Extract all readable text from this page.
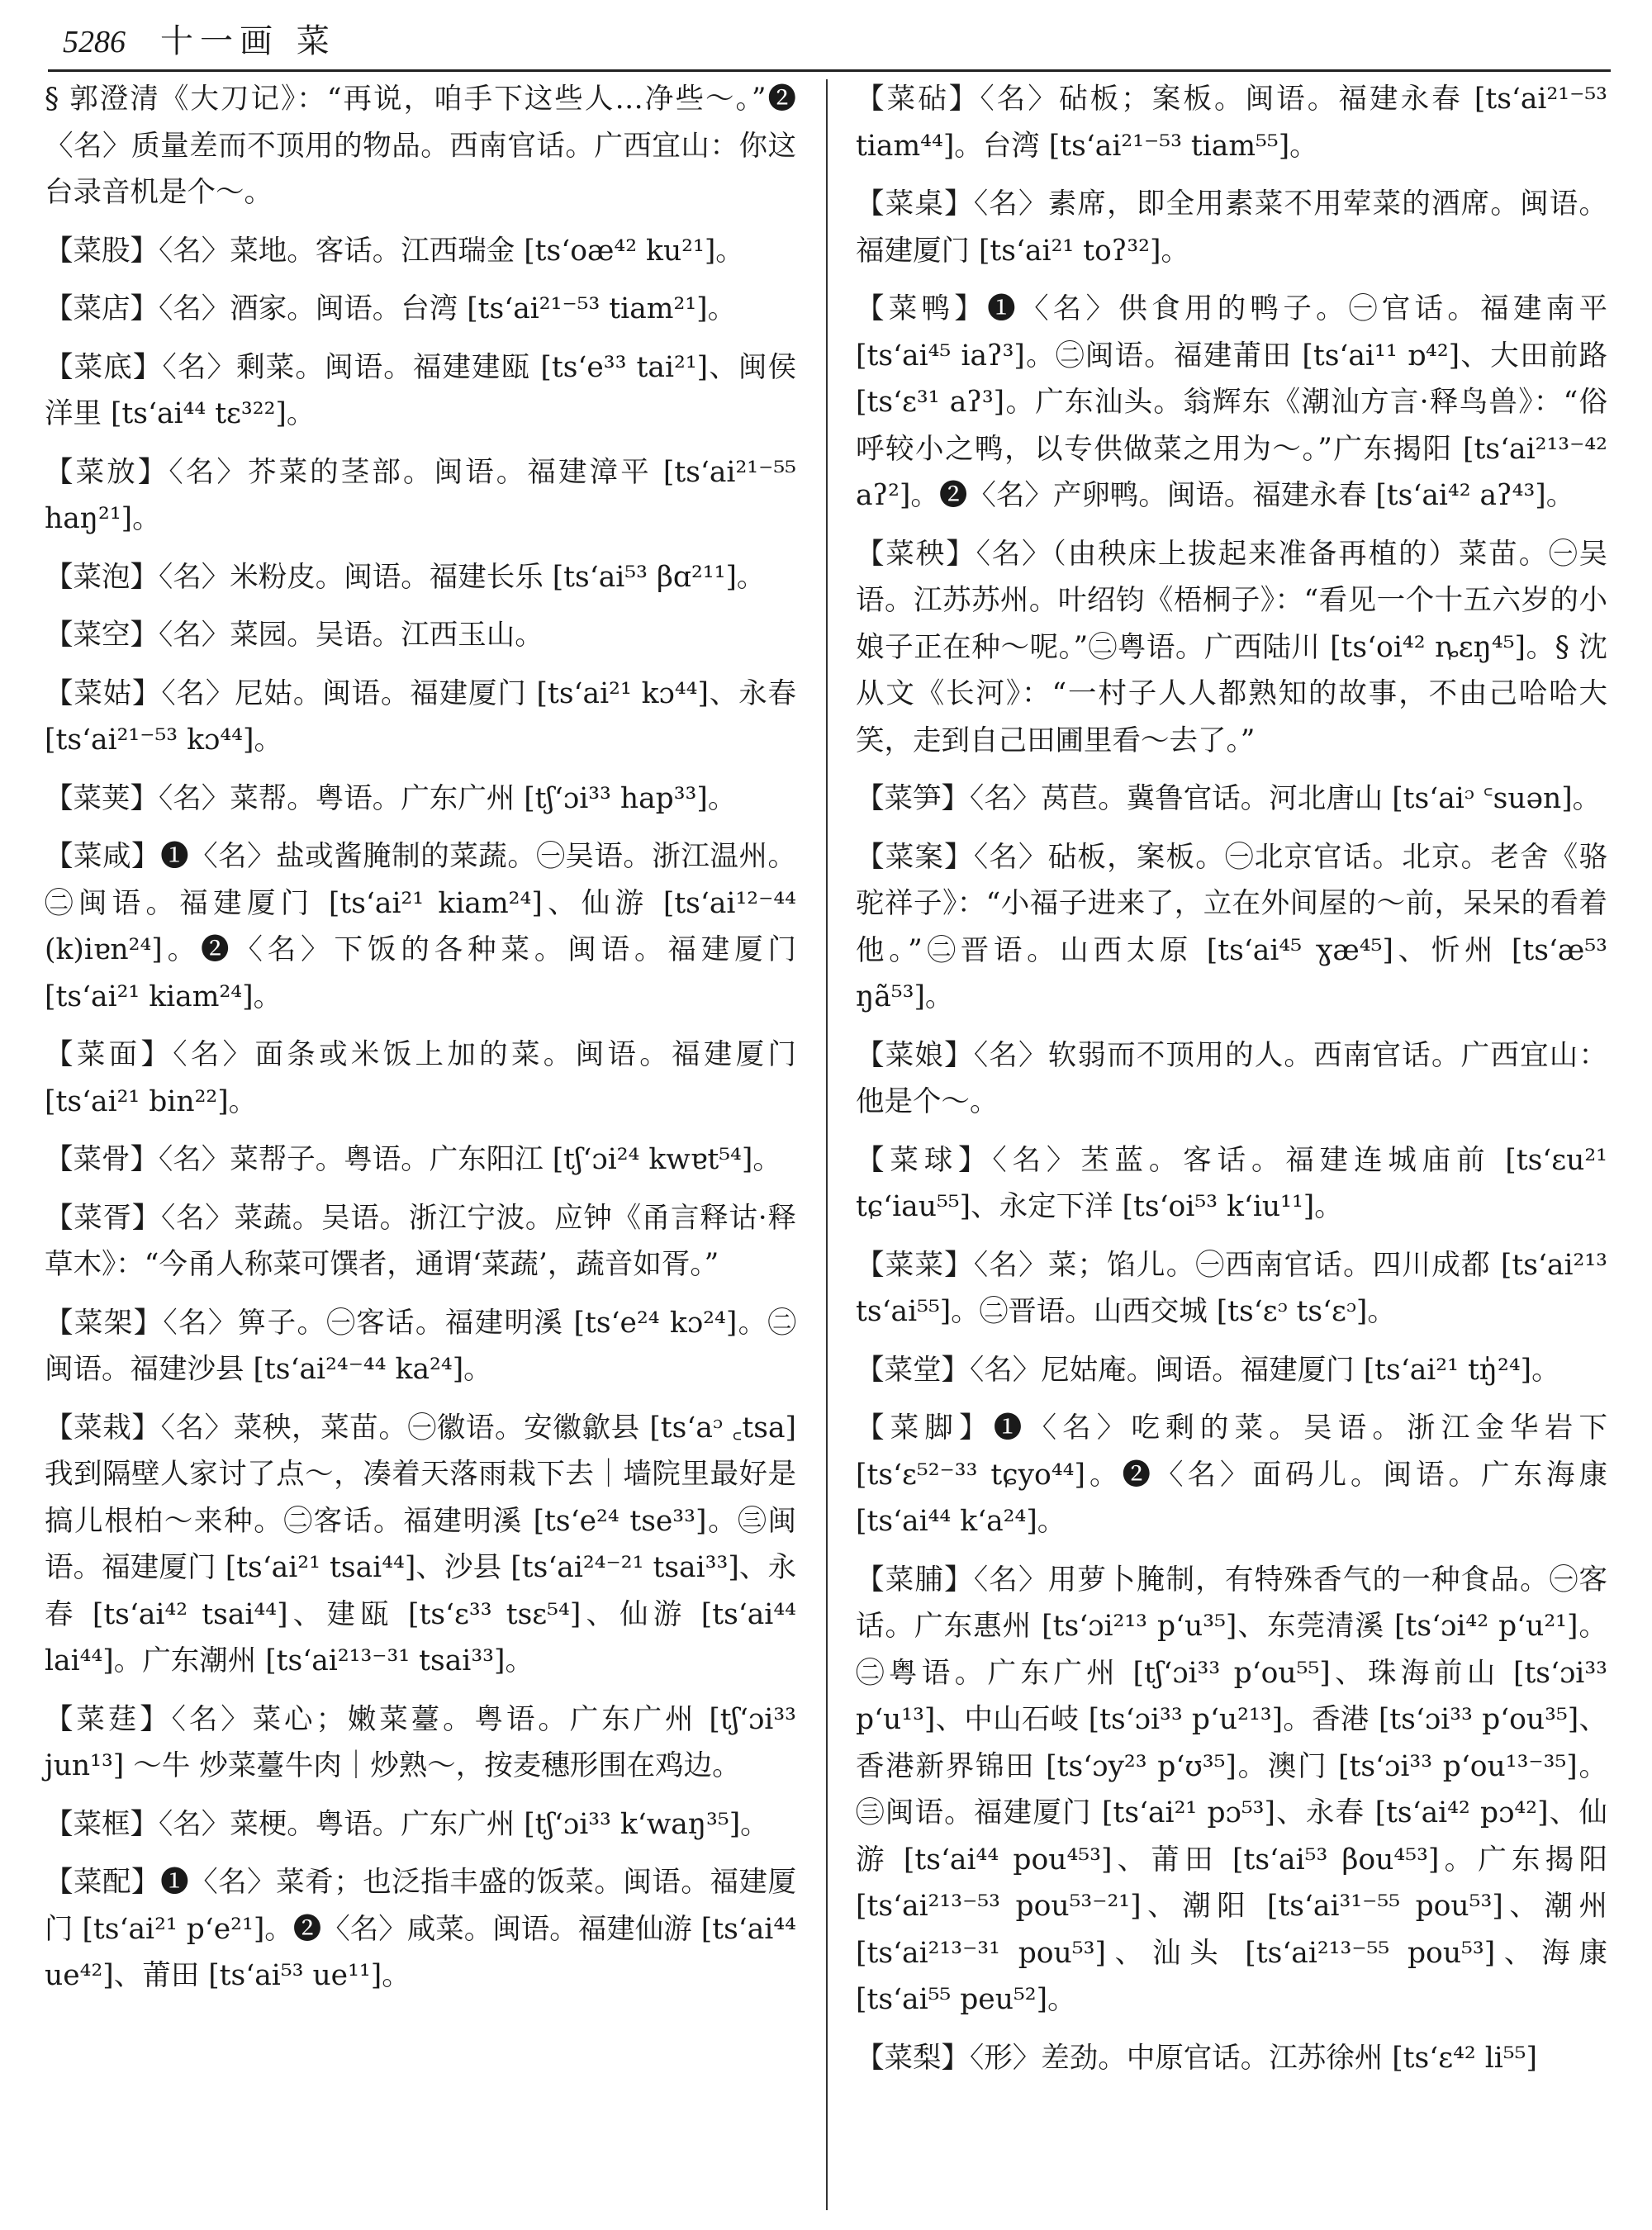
5286 十一画 菜

§ 郭澄清《大刀记》：“再说，咱手下这些人…净些～。”❷〈名〉质量差而不顶用的物品。西南官话。广西宜山：你这台录音机是个～。

【菜股】〈名〉菜地。客话。江西瑞金 [tsʻoæ⁴² ku²¹]。

【菜店】〈名〉酒家。闽语。台湾 [tsʻai²¹⁻⁵³ tiam²¹]。

【菜底】〈名〉剩菜。闽语。福建建瓯 [tsʻe³³ tai²¹]、闽侯洋里 [tsʻai⁴⁴ tɛ³²²]。

【菜放】〈名〉芥菜的茎部。闽语。福建漳平 [tsʻai²¹⁻⁵⁵ haŋ²¹]。

【菜泡】〈名〉米粉皮。闽语。福建长乐 [tsʻai⁵³ βɑ²¹¹]。

【菜空】〈名〉菜园。吴语。江西玉山。

【菜姑】〈名〉尼姑。闽语。福建厦门 [tsʻai²¹ kɔ⁴⁴]、永春 [tsʻai²¹⁻⁵³ kɔ⁴⁴]。

【菜荚】〈名〉菜帮。粤语。广东广州 [tʃʻɔi³³ hap³³]。

【菜咸】❶〈名〉盐或酱腌制的菜蔬。㊀吴语。浙江温州。㊁闽语。福建厦门 [tsʻai²¹ kiam²⁴]、仙游 [tsʻai¹²⁻⁴⁴ (k)iɐn²⁴]。❷〈名〉下饭的各种菜。闽语。福建厦门 [tsʻai²¹ kiam²⁴]。

【菜面】〈名〉面条或米饭上加的菜。闽语。福建厦门 [tsʻai²¹ bin²²]。

【菜骨】〈名〉菜帮子。粤语。广东阳江 [tʃʻɔi²⁴ kwɐt⁵⁴]。

【菜胥】〈名〉菜蔬。吴语。浙江宁波。应钟《甬言释诂·释草木》：“今甬人称菜可馔者，通谓‘菜蔬’，蔬音如胥。”

【菜架】〈名〉箅子。㊀客话。福建明溪 [tsʻe²⁴ kɔ²⁴]。㊁闽语。福建沙县 [tsʻai²⁴⁻⁴⁴ ka²⁴]。

【菜栽】〈名〉菜秧，菜苗。㊀徽语。安徽歙县 [tsʻaᵓ ꜀tsa] 我到隔壁人家讨了点～，凑着天落雨栽下去｜墙院里最好是搞儿根柏～来种。㊁客话。福建明溪 [tsʻe²⁴ tse³³]。㊂闽语。福建厦门 [tsʻai²¹ tsai⁴⁴]、沙县 [tsʻai²⁴⁻²¹ tsai³³]、永春 [tsʻai⁴² tsai⁴⁴]、建瓯 [tsʻɛ³³ tsɛ⁵⁴]、仙游 [tsʻai⁴⁴ lai⁴⁴]。广东潮州 [tsʻai²¹³⁻³¹ tsai³³]。

【菜莛】〈名〉菜心；嫩菜薹。粤语。广东广州 [tʃʻɔi³³ jun¹³] ～牛 炒菜薹牛肉｜炒熟～，按麦穗形围在鸡边。

【菜框】〈名〉菜梗。粤语。广东广州 [tʃʻɔi³³ kʻwaŋ³⁵]。

【菜配】❶〈名〉菜肴；也泛指丰盛的饭菜。闽语。福建厦门 [tsʻai²¹ pʻe²¹]。❷〈名〉咸菜。闽语。福建仙游 [tsʻai⁴⁴ ue⁴²]、莆田 [tsʻai⁵³ ue¹¹]。

【菜砧】〈名〉砧板；案板。闽语。福建永春 [tsʻai²¹⁻⁵³ tiam⁴⁴]。台湾 [tsʻai²¹⁻⁵³ tiam⁵⁵]。

【菜桌】〈名〉素席，即全用素菜不用荤菜的酒席。闽语。福建厦门 [tsʻai²¹ toʔ³²]。

【菜鸭】❶〈名〉供食用的鸭子。㊀官话。福建南平 [tsʻai⁴⁵ iaʔ³]。㊁闽语。福建莆田 [tsʻai¹¹ ɒ⁴²]、大田前路 [tsʻɛ³¹ aʔ³]。广东汕头。翁辉东《潮汕方言·释鸟兽》：“俗呼较小之鸭，以专供做菜之用为～。”广东揭阳 [tsʻai²¹³⁻⁴² aʔ²]。❷〈名〉产卵鸭。闽语。福建永春 [tsʻai⁴² aʔ⁴³]。

【菜秧】〈名〉（由秧床上拔起来准备再植的）菜苗。㊀吴语。江苏苏州。叶绍钧《梧桐子》：“看见一个十五六岁的小娘子正在种～呢。”㊁粤语。广西陆川 [tsʻoi⁴² ȵɛŋ⁴⁵]。§ 沈从文《长河》：“一村子人人都熟知的故事，不由己哈哈大笑，走到自己田圃里看～去了。”

【菜笋】〈名〉莴苣。冀鲁官话。河北唐山 [tsʻaiᵓ ꜂suən]。

【菜案】〈名〉砧板，案板。㊀北京官话。北京。老舍《骆驼祥子》：“小福子进来了，立在外间屋的～前，呆呆的看着他。”㊁晋语。山西太原 [tsʻai⁴⁵ ɣæ⁴⁵]、忻州 [tsʻæ⁵³ ŋã⁵³]。

【菜娘】〈名〉软弱而不顶用的人。西南官话。广西宜山：他是个～。

【菜球】〈名〉苤蓝。客话。福建连城庙前 [tsʻɛu²¹ tɕʻiau⁵⁵]、永定下洋 [tsʻoi⁵³ kʻiu¹¹]。

【菜菜】〈名〉菜；馅儿。㊀西南官话。四川成都 [tsʻai²¹³ tsʻai⁵⁵]。㊁晋语。山西交城 [tsʻɛᵓ tsʻɛᵓ]。

【菜堂】〈名〉尼姑庵。闽语。福建厦门 [tsʻai²¹ tŋ̍²⁴]。

【菜脚】❶〈名〉吃剩的菜。吴语。浙江金华岩下 [tsʻɛ⁵²⁻³³ tɕyo⁴⁴]。❷〈名〉面码儿。闽语。广东海康 [tsʻai⁴⁴ kʻa²⁴]。

【菜脯】〈名〉用萝卜腌制，有特殊香气的一种食品。㊀客话。广东惠州 [tsʻɔi²¹³ pʻu³⁵]、东莞清溪 [tsʻɔi⁴² pʻu²¹]。㊁粤语。广东广州 [tʃʻɔi³³ pʻou⁵⁵]、珠海前山 [tsʻɔi³³ pʻu¹³]、中山石岐 [tsʻɔi³³ pʻu²¹³]。香港 [tsʻɔi³³ pʻou³⁵]、香港新界锦田 [tsʻɔy²³ pʻʊ³⁵]。澳门 [tsʻɔi³³ pʻou¹³⁻³⁵]。㊂闽语。福建厦门 [tsʻai²¹ pɔ⁵³]、永春 [tsʻai⁴² pɔ⁴²]、仙游 [tsʻai⁴⁴ pou⁴⁵³]、莆田 [tsʻai⁵³ βou⁴⁵³]。广东揭阳 [tsʻai²¹³⁻⁵³ pou⁵³⁻²¹]、潮阳 [tsʻai³¹⁻⁵⁵ pou⁵³]、潮州 [tsʻai²¹³⁻³¹ pou⁵³]、汕头 [tsʻai²¹³⁻⁵⁵ pou⁵³]、海康 [tsʻai⁵⁵ peu⁵²]。

【菜梨】〈形〉差劲。中原官话。江苏徐州 [tsʻɛ⁴² li⁵⁵]
